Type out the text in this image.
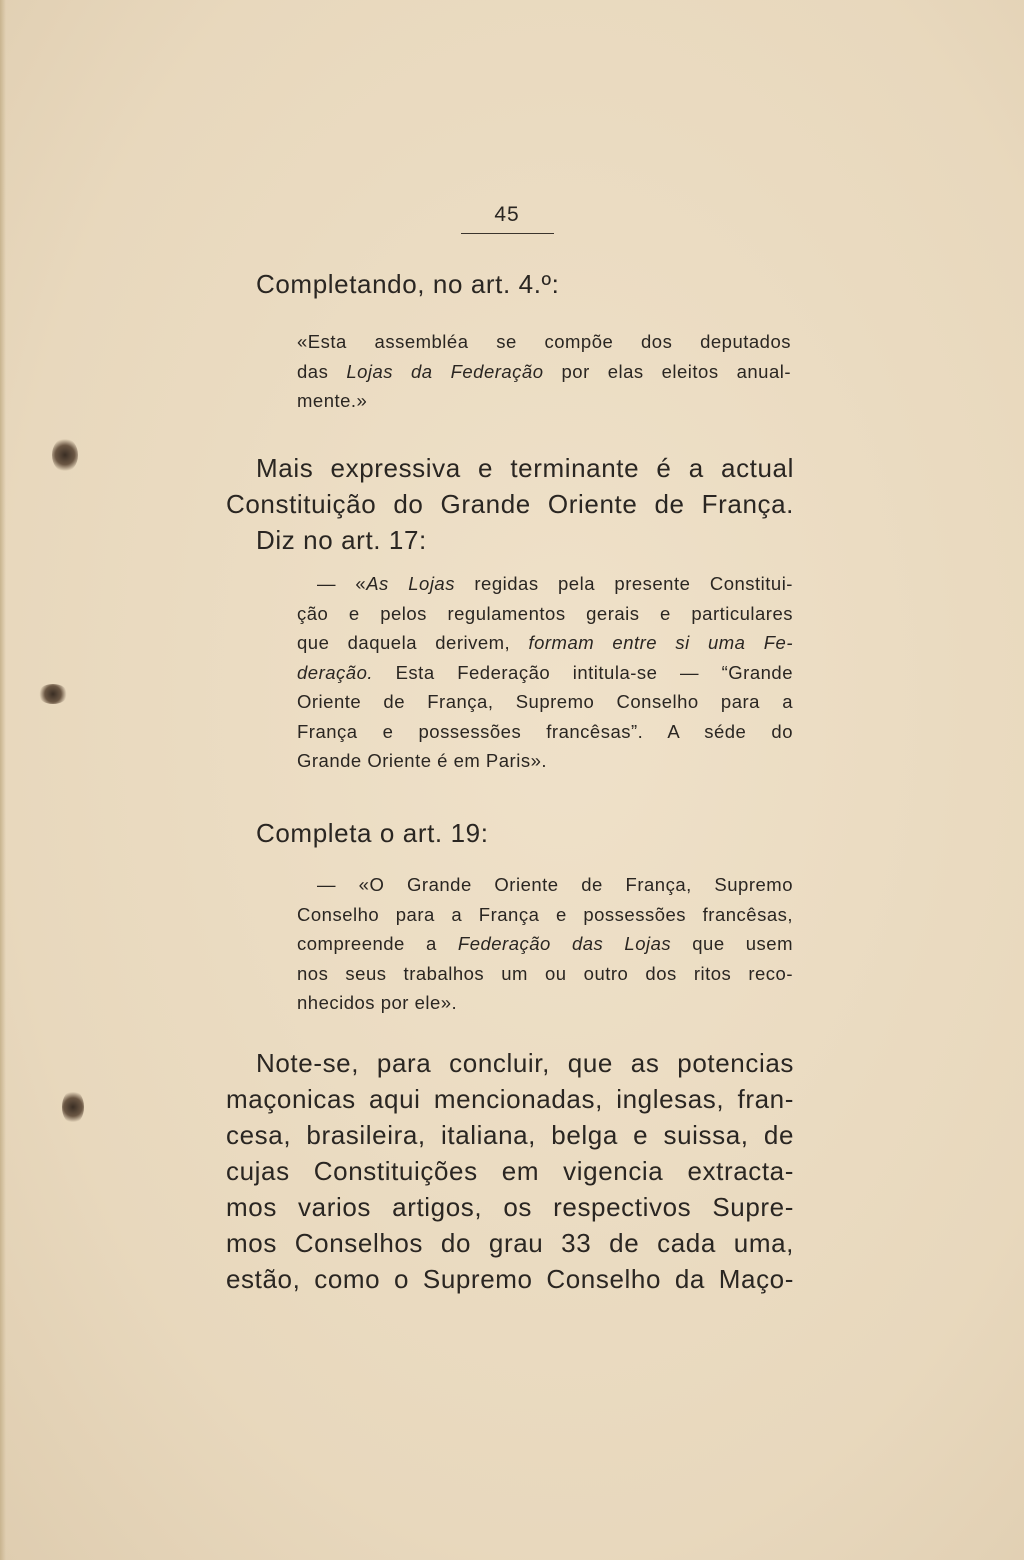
45
Completando, no art. 4.º:
«Esta assembléa se compõe dos deputados
das Lojas da Federação por elas eleitos anual-
mente.»
Mais expressiva e terminante é a actual
Constituição do Grande Oriente de França.
Diz no art. 17:
— «As Lojas regidas pela presente Constitui-
ção e pelos regulamentos gerais e particulares
que daquela derivem, formam entre si uma Fe-
deração. Esta Federação intitula-se — “Grande
Oriente de França, Supremo Conselho para a
França e possessões francêsas”. A séde do
Grande Oriente é em Paris».
Completa o art. 19:
— «O Grande Oriente de França, Supremo
Conselho para a França e possessões francêsas,
compreende a Federação das Lojas que usem
nos seus trabalhos um ou outro dos ritos reco-
nhecidos por ele».
Note-se, para concluir, que as potencias
maçonicas aqui mencionadas, inglesas, fran-
cesa, brasileira, italiana, belga e suissa, de
cujas Constituições em vigencia extracta-
mos varios artigos, os respectivos Supre-
mos Conselhos do grau 33 de cada uma,
estão, como o Supremo Conselho da Maço-
